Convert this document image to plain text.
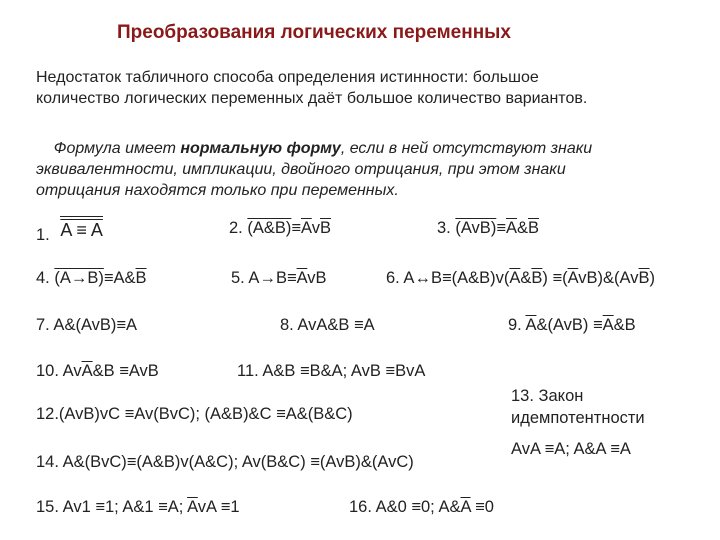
Преобразования логических переменных
Недостаток табличного способа определения истинности: большое
количество логических переменных даёт большое количество вариантов.
Формула имеет нормальную форму, если в ней отсутствуют знаки
эквивалентности, импликации, двойного отрицания, при этом знаки
отрицания находятся только при переменных.
1. A ≡ A	2. $(A\&B)\equiv\overline{A}v\overline{B}$	3. $(AvB)\equiv\overline{A}\&\overline{B}$
4. $(A\to B)\equiv A\&\overline{B}$	5. $A\to B\equiv\overline{A}vB$	6. $A\leftrightarrow B\equiv(A\&B)v(\overline{A}\&\overline{B})$ $\equiv(\overline{A}vB)\&(Av\overline{B})$
7. A&(AvB)≡A	8. AvA&B ≡A	9. $\overline{A}\&(AvB)$ $\equiv\overline{A}\&B$
10. $Av\overline{A}\&B \equiv AvB$	11. A&B ≡B&A; AvB ≡BvA
13. Закон
идемпотентности
AvA ≡A; A&A ≡A
12.(AvB)vC ≡Av(BvC); (A&B)&C ≡A&(B&C)
14. A&(BvC)≡(A&B)v(A&C); Av(B&C) ≡(AvB)&(AvC)
15. Av1 ≡1; A&1 ≡A; $\overline{A}vA \equiv 1$	16. A&0 ≡0; $A\&\overline{A} \equiv 0$
